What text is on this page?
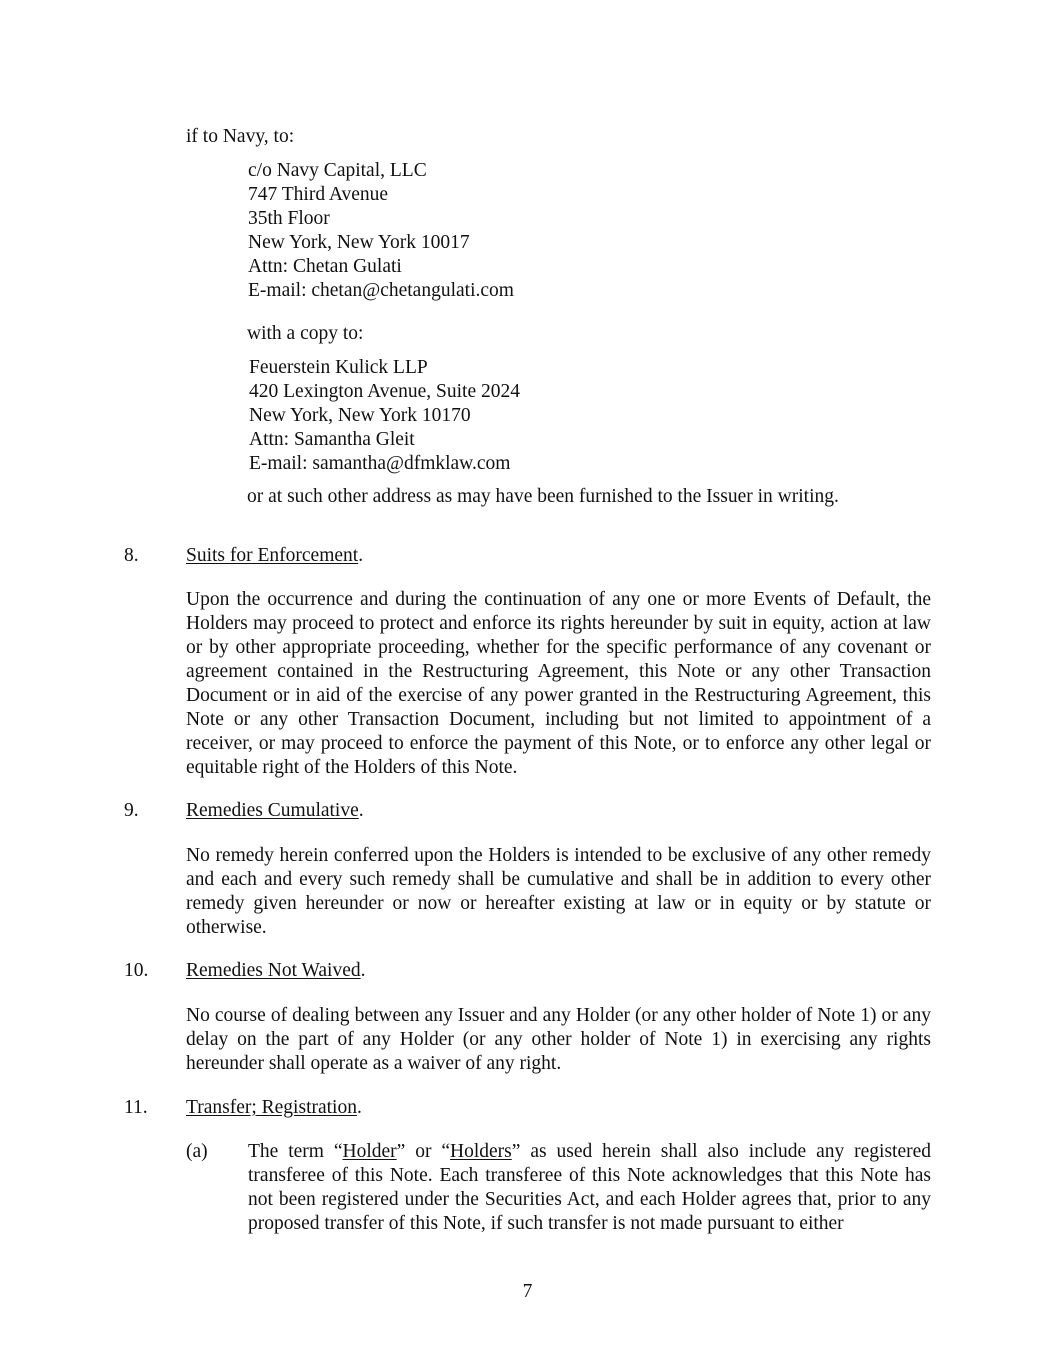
if to Navy, to:
c/o Navy Capital, LLC
747 Third Avenue
35th Floor
New York, New York 10017
Attn: Chetan Gulati
E-mail: chetan@chetangulati.com
with a copy to:
Feuerstein Kulick LLP
420 Lexington Avenue, Suite 2024
New York, New York 10170
Attn: Samantha Gleit
E-mail: samantha@dfmklaw.com
or at such other address as may have been furnished to the Issuer in writing.
8. Suits for Enforcement.
Upon the occurrence and during the continuation of any one or more Events of Default, the Holders may proceed to protect and enforce its rights hereunder by suit in equity, action at law or by other appropriate proceeding, whether for the specific performance of any covenant or agreement contained in the Restructuring Agreement, this Note or any other Transaction Document or in aid of the exercise of any power granted in the Restructuring Agreement, this Note or any other Transaction Document, including but not limited to appointment of a receiver, or may proceed to enforce the payment of this Note, or to enforce any other legal or equitable right of the Holders of this Note.
9. Remedies Cumulative.
No remedy herein conferred upon the Holders is intended to be exclusive of any other remedy and each and every such remedy shall be cumulative and shall be in addition to every other remedy given hereunder or now or hereafter existing at law or in equity or by statute or otherwise.
10. Remedies Not Waived.
No course of dealing between any Issuer and any Holder (or any other holder of Note 1) or any delay on the part of any Holder (or any other holder of Note 1) in exercising any rights hereunder shall operate as a waiver of any right.
11. Transfer; Registration.
(a) The term “Holder” or “Holders” as used herein shall also include any registered transferee of this Note. Each transferee of this Note acknowledges that this Note has not been registered under the Securities Act, and each Holder agrees that, prior to any proposed transfer of this Note, if such transfer is not made pursuant to either
7
